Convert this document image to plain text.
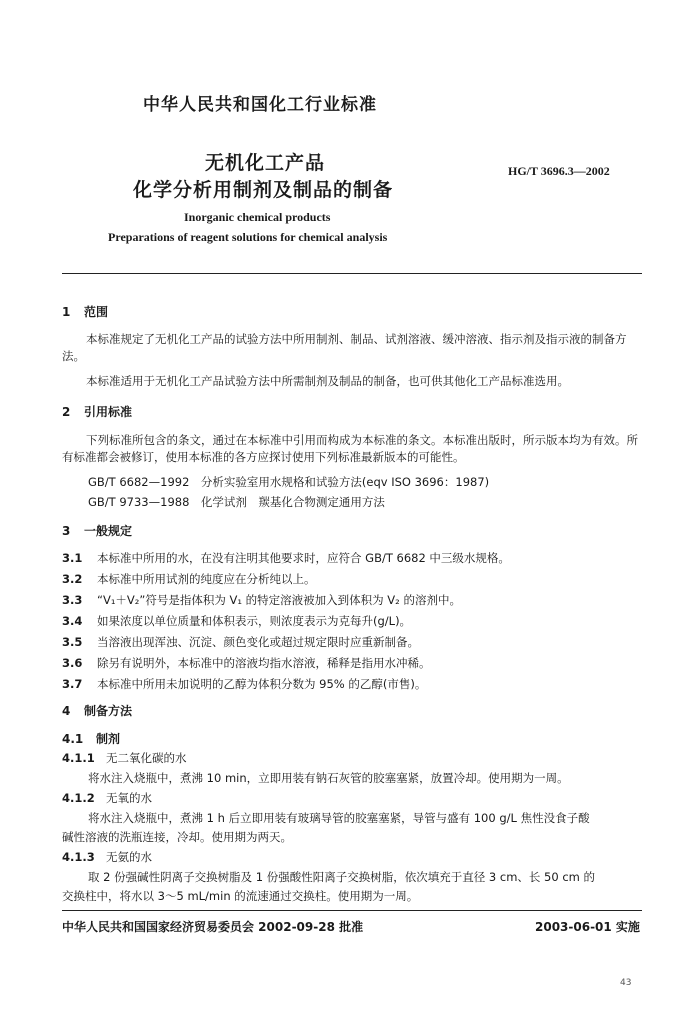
中华人民共和国化工行业标准
无机化工产品
化学分析用制剂及制品的制备
HG/T 3696.3—2002
Inorganic chemical products
Preparations of reagent solutions for chemical analysis
1 范围
本标准规定了无机化工产品的试验方法中所用制剂、制品、试剂溶液、缓冲溶液、指示剂及指示液的制备方法。
本标准适用于无机化工产品试验方法中所需制剂及制品的制备，也可供其他化工产品标准选用。
2 引用标准
下列标准所包含的条文，通过在本标准中引用而构成为本标准的条文。本标准出版时，所示版本均为有效。所有标准都会被修订，使用本标准的各方应探讨使用下列标准最新版本的可能性。
GB/T 6682—1992　分析实验室用水规格和试验方法(eqv ISO 3696：1987)
GB/T 9733—1988　化学试剂　羰基化合物测定通用方法
3 一般规定
3.1 本标准中所用的水，在没有注明其他要求时，应符合 GB/T 6682 中三级水规格。
3.2 本标准中所用试剂的纯度应在分析纯以上。
3.3 “V₁＋V₂”符号是指体积为 V₁ 的特定溶液被加入到体积为 V₂ 的溶剂中。
3.4 如果浓度以单位质量和体积表示，则浓度表示为克每升(g/L)。
3.5 当溶液出现浑浊、沉淀、颜色变化或超过规定限时应重新制备。
3.6 除另有说明外，本标准中的溶液均指水溶液，稀释是指用水冲稀。
3.7 本标准中所用未加说明的乙醇为体积分数为 95% 的乙醇(市售)。
4 制备方法
4.1 制剂
4.1.1 无二氧化碳的水
将水注入烧瓶中，煮沸 10 min，立即用装有钠石灰管的胶塞塞紧，放置冷却。使用期为一周。
4.1.2 无氧的水
将水注入烧瓶中，煮沸 1 h 后立即用装有玻璃导管的胶塞塞紧，导管与盛有 100 g/L 焦性没食子酸
碱性溶液的洗瓶连接，冷却。使用期为两天。
4.1.3 无氨的水
取 2 份强碱性阴离子交换树脂及 1 份强酸性阳离子交换树脂，依次填充于直径 3 cm、长 50 cm 的
交换柱中，将水以 3～5 mL/min 的流速通过交换柱。使用期为一周。
中华人民共和国国家经济贸易委员会 2002-09-28 批准	2003-06-01 实施
43
